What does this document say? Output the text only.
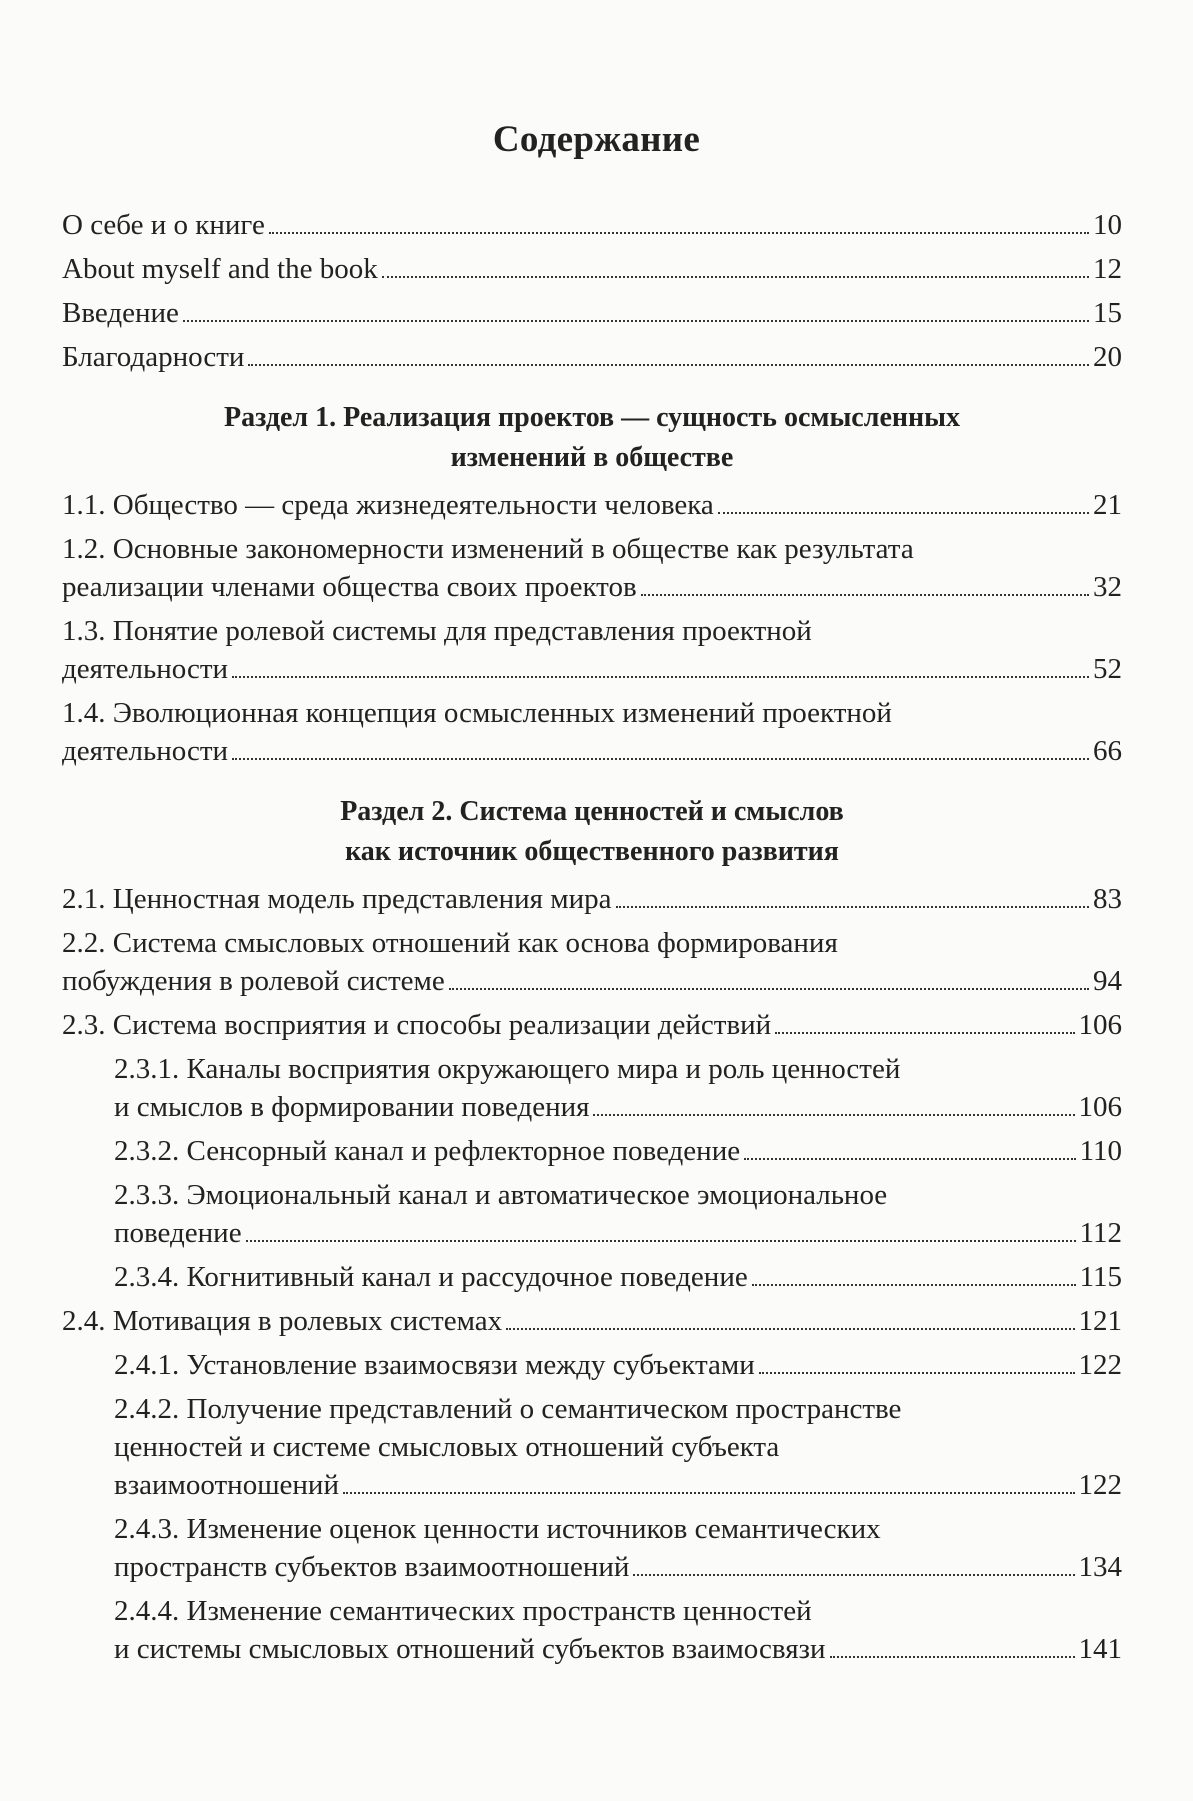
Содержание
О себе и о книге	10
About myself and the book	12
Введение	15
Благодарности	20
Раздел 1. Реализация проектов — сущность осмысленных
изменений в обществе
1.1. Общество — среда жизнедеятельности человека	21
1.2. Основные закономерности изменений в обществе как результата
реализации членами общества своих проектов	32
1.3. Понятие ролевой системы для представления проектной
деятельности	52
1.4. Эволюционная концепция осмысленных изменений проектной
деятельности	66
Раздел 2. Система ценностей и смыслов
как источник общественного развития
2.1. Ценностная модель представления мира	83
2.2. Система смысловых отношений как основа формирования
побуждения в ролевой системе	94
2.3. Система восприятия и способы реализации действий	106
2.3.1. Каналы восприятия окружающего мира и роль ценностей
и смыслов в формировании поведения	106
2.3.2. Сенсорный канал и рефлекторное поведение	110
2.3.3. Эмоциональный канал и автоматическое эмоциональное
поведение	112
2.3.4. Когнитивный канал и рассудочное поведение	115
2.4. Мотивация в ролевых системах	121
2.4.1. Установление взаимосвязи между субъектами	122
2.4.2. Получение представлений о семантическом пространстве
ценностей и системе смысловых отношений субъекта
взаимоотношений	122
2.4.3. Изменение оценок ценности источников семантических
пространств субъектов взаимоотношений	134
2.4.4. Изменение семантических пространств ценностей
и системы смысловых отношений субъектов взаимосвязи	141
